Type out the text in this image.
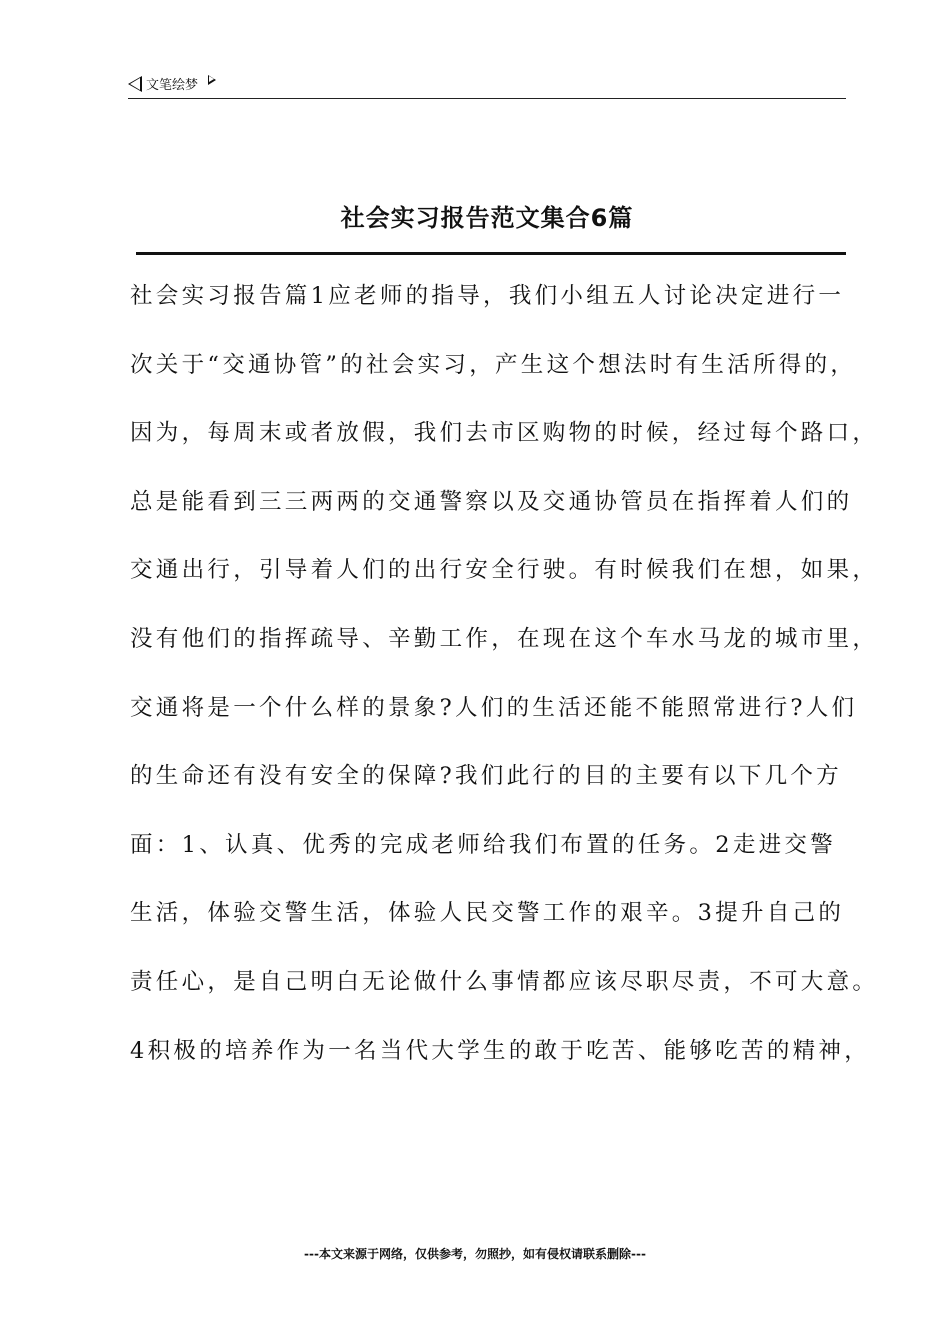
文笔绘梦
社会实习报告范文集合6篇
社会实习报告篇1应老师的指导，我们小组五人讨论决定进行一
次关于“交通协管”的社会实习，产生这个想法时有生活所得的，
因为，每周末或者放假，我们去市区购物的时候，经过每个路口，
总是能看到三三两两的交通警察以及交通协管员在指挥着人们的
交通出行，引导着人们的出行安全行驶。有时候我们在想，如果，
没有他们的指挥疏导、辛勤工作，在现在这个车水马龙的城市里，
交通将是一个什么样的景象?人们的生活还能不能照常进行?人们
的生命还有没有安全的保障?我们此行的目的主要有以下几个方
面：1、认真、优秀的完成老师给我们布置的任务。2走进交警
生活，体验交警生活，体验人民交警工作的艰辛。3提升自己的
责任心，是自己明白无论做什么事情都应该尽职尽责，不可大意。
4积极的培养作为一名当代大学生的敢于吃苦、能够吃苦的精神，
---本文来源于网络，仅供参考，勿照抄，如有侵权请联系删除---
